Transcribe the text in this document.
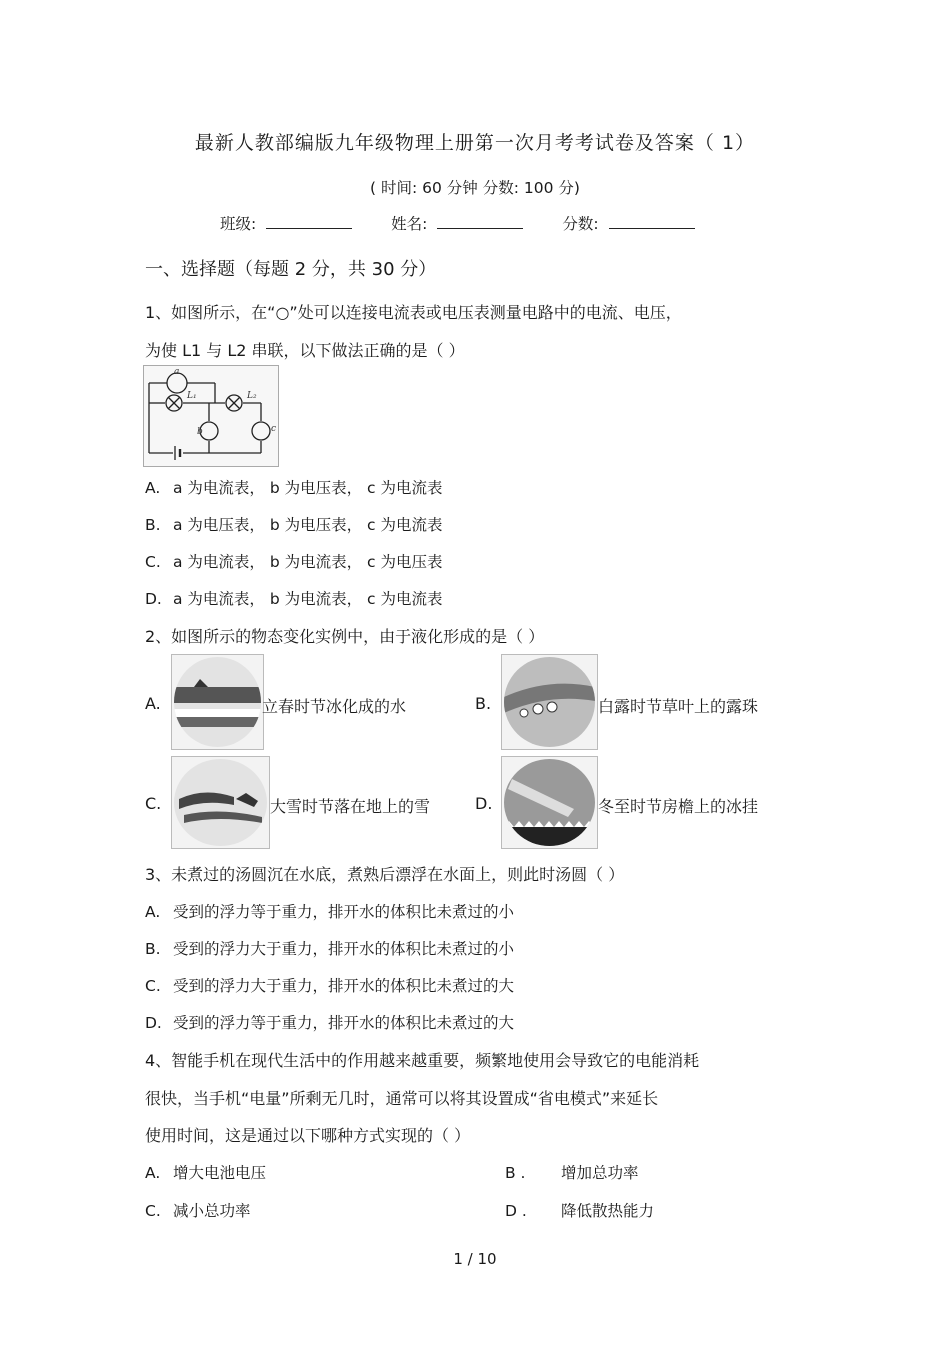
最新人教部编版九年级物理上册第一次月考考试卷及答案（ 1）
( 时间: 60 分钟 分数: 100 分)
班级:	姓名:	分数:
一、选择题（每题 2 分，共 30 分）
1、如图所示，在“○”处可以连接电流表或电压表测量电路中的电流、电压，
为使 L1 与 L2 串联，以下做法正确的是（ ）
a
b	c
L₁	L₂
A. a 为电流表， b 为电压表， c 为电流表
B. a 为电压表， b 为电压表， c 为电流表
C. a 为电流表， b 为电流表， c 为电压表
D. a 为电流表， b 为电流表， c 为电流表
2、如图所示的物态变化实例中，由于液化形成的是（ ）
A.	立春时节冰化成的水	B.	白露时节草叶上的露珠
C.	大雪时节落在地上的雪	D.	冬至时节房檐上的冰挂
3、未煮过的汤圆沉在水底，煮熟后漂浮在水面上，则此时汤圆（ ）
A. 受到的浮力等于重力，排开水的体积比未煮过的小
B. 受到的浮力大于重力，排开水的体积比未煮过的小
C. 受到的浮力大于重力，排开水的体积比未煮过的大
D. 受到的浮力等于重力，排开水的体积比未煮过的大
4、智能手机在现代生活中的作用越来越重要，频繁地使用会导致它的电能消耗
很快，当手机“电量”所剩无几时，通常可以将其设置成“省电模式”来延长
使用时间，这是通过以下哪种方式实现的（ ）
A. 增大电池电压	B . 增加总功率
C. 减小总功率	D . 降低散热能力
1 / 10
